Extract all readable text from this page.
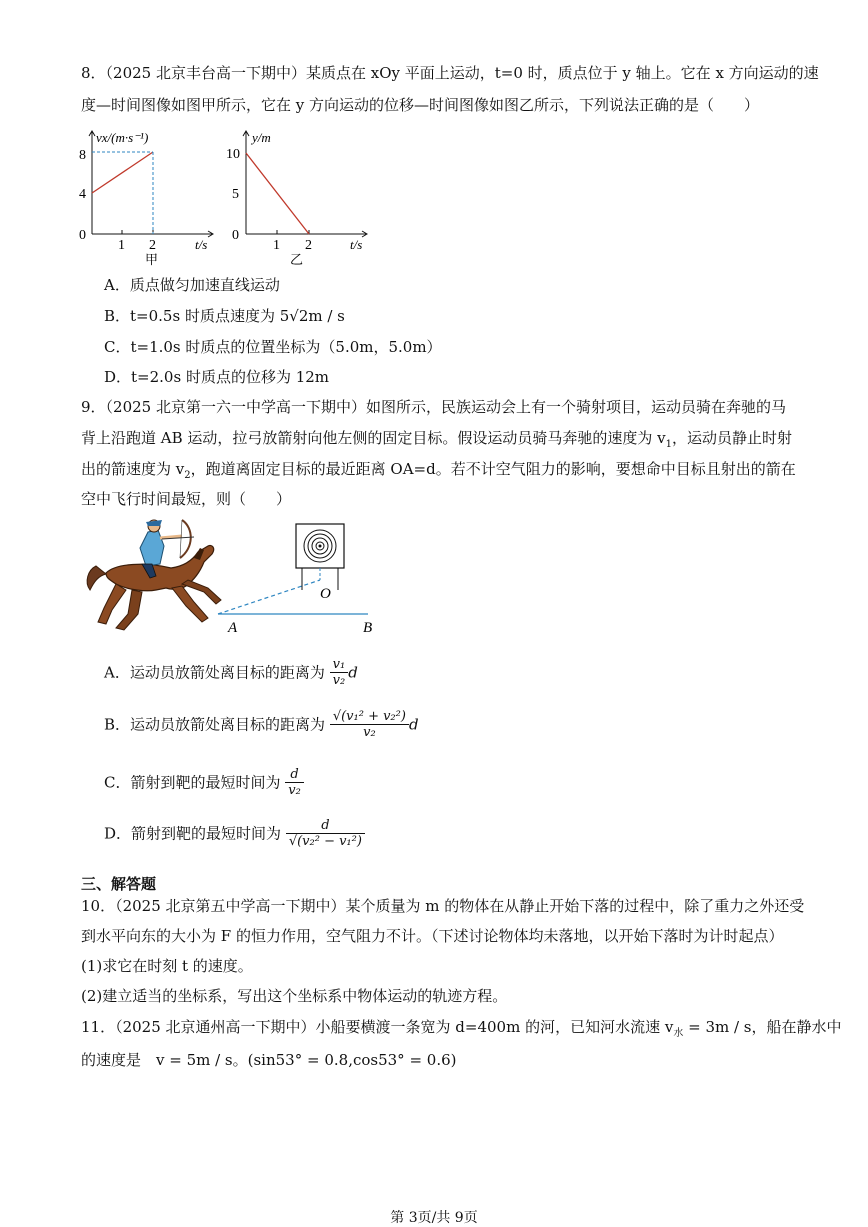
8．（2025 北京丰台高一下期中）某质点在 xOy 平面上运动，t=0 时，质点位于 y 轴上。它在 x 方向运动的速
度—时间图像如图甲所示，它在 y 方向运动的位移—时间图像如图乙所示，下列说法正确的是（　　）
vx/(m·s⁻¹)
8
4
0
1 2	t/s
甲
y/m
10
5
0
1 2	t/s
乙
A．质点做匀加速直线运动
B．t=0.5s 时质点速度为 5√2m / s
C．t=1.0s 时质点的位置坐标为（5.0m，5.0m）
D．t=2.0s 时质点的位移为 12m
9．（2025 北京第一六一中学高一下期中）如图所示，民族运动会上有一个骑射项目，运动员骑在奔驰的马
背上沿跑道 AB 运动，拉弓放箭射向他左侧的固定目标。假设运动员骑马奔驰的速度为 $v_1$，运动员静止时射
出的箭速度为 $v_2$，跑道离固定目标的最近距离 OA=d。若不计空气阻力的影响，要想命中目标且射出的箭在
空中飞行时间最短，则（　　）
O
A	B
A．运动员放箭处离目标的距离为 $\frac{\text{v₁}}{\text{v₂}}$ d
B．运动员放箭处离目标的距离为 $\frac{\text{√(v₁² + v₂²)}}{\text{v₂}}$ d
C．箭射到靶的最短时间为 $\frac{d}{\text{v₂}}$
D．箭射到靶的最短时间为 $\frac{d}{\text{√(v₂² − v₁²)}}$
三、解答题
10．（2025 北京第五中学高一下期中）某个质量为 m 的物体在从静止开始下落的过程中，除了重力之外还受
到水平向东的大小为 F 的恒力作用，空气阻力不计。（下述讨论物体均未落地，以开始下落时为计时起点）
(1)求它在时刻 t 的速度。
(2)建立适当的坐标系，写出这个坐标系中物体运动的轨迹方程。
11．（2025 北京通州高一下期中）小船要横渡一条宽为 d=400m 的河，已知河水流速 $v_水 = 3m / s$，船在静水中
的速度是　v = 5m / s。(sin53° = 0.8,cos53° = 0.6)
第 3页/共 9页
